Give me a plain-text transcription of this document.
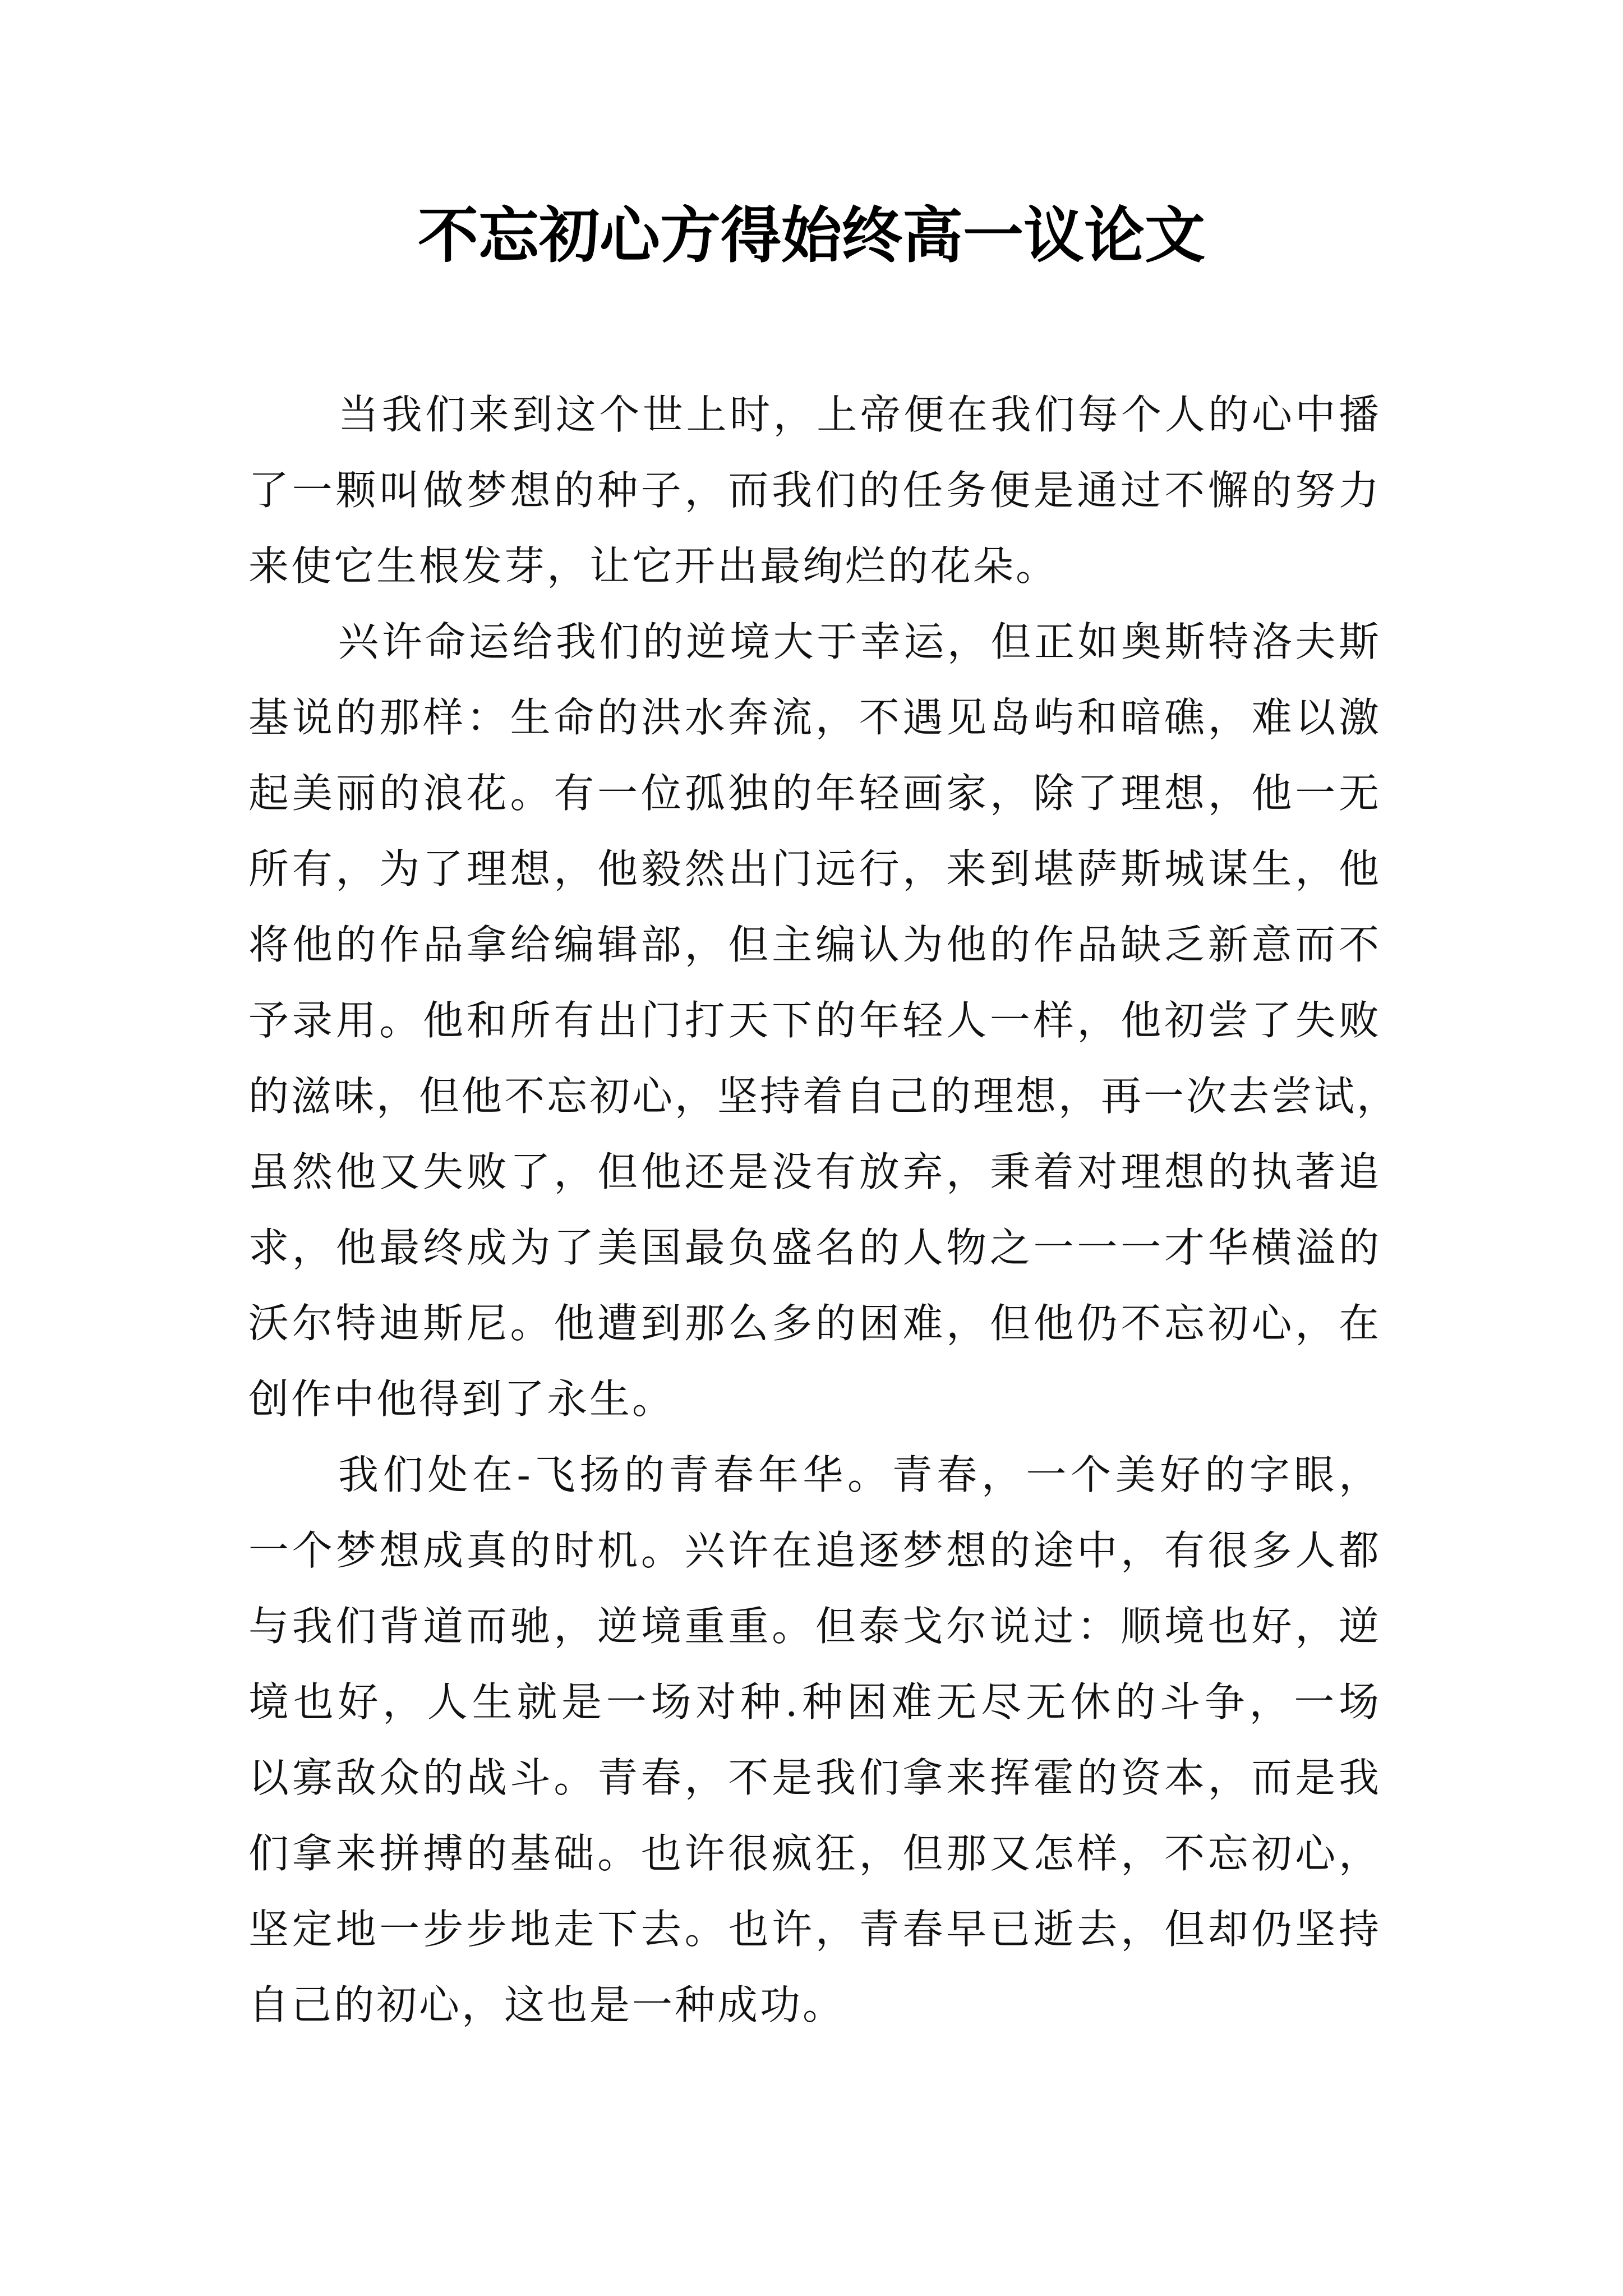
不忘初心方得始终高一议论文

当我们来到这个世上时，上帝便在我们每个人的心中播
了一颗叫做梦想的种子，而我们的任务便是通过不懈的努力
来使它生根发芽，让它开出最绚烂的花朵。

兴许命运给我们的逆境大于幸运，但正如奥斯特洛夫斯
基说的那样：生命的洪水奔流，不遇见岛屿和暗礁，难以激
起美丽的浪花。有一位孤独的年轻画家，除了理想，他一无
所有，为了理想，他毅然出门远行，来到堪萨斯城谋生，他
将他的作品拿给编辑部，但主编认为他的作品缺乏新意而不
予录用。他和所有出门打天下的年轻人一样，他初尝了失败
的滋味，但他不忘初心，坚持着自己的理想，再一次去尝试，
虽然他又失败了，但他还是没有放弃，秉着对理想的执著追
求，他最终成为了美国最负盛名的人物之一一一才华横溢的
沃尔特迪斯尼。他遭到那么多的困难，但他仍不忘初心，在
创作中他得到了永生。

我们处在-飞扬的青春年华。青春，一个美好的字眼，
一个梦想成真的时机。兴许在追逐梦想的途中，有很多人都
与我们背道而驰，逆境重重。但泰戈尔说过：顺境也好，逆
境也好，人生就是一场对种.种困难无尽无休的斗争，一场
以寡敌众的战斗。青春，不是我们拿来挥霍的资本，而是我
们拿来拼搏的基础。也许很疯狂，但那又怎样，不忘初心，
坚定地一步步地走下去。也许，青春早已逝去，但却仍坚持
自己的初心，这也是一种成功。
